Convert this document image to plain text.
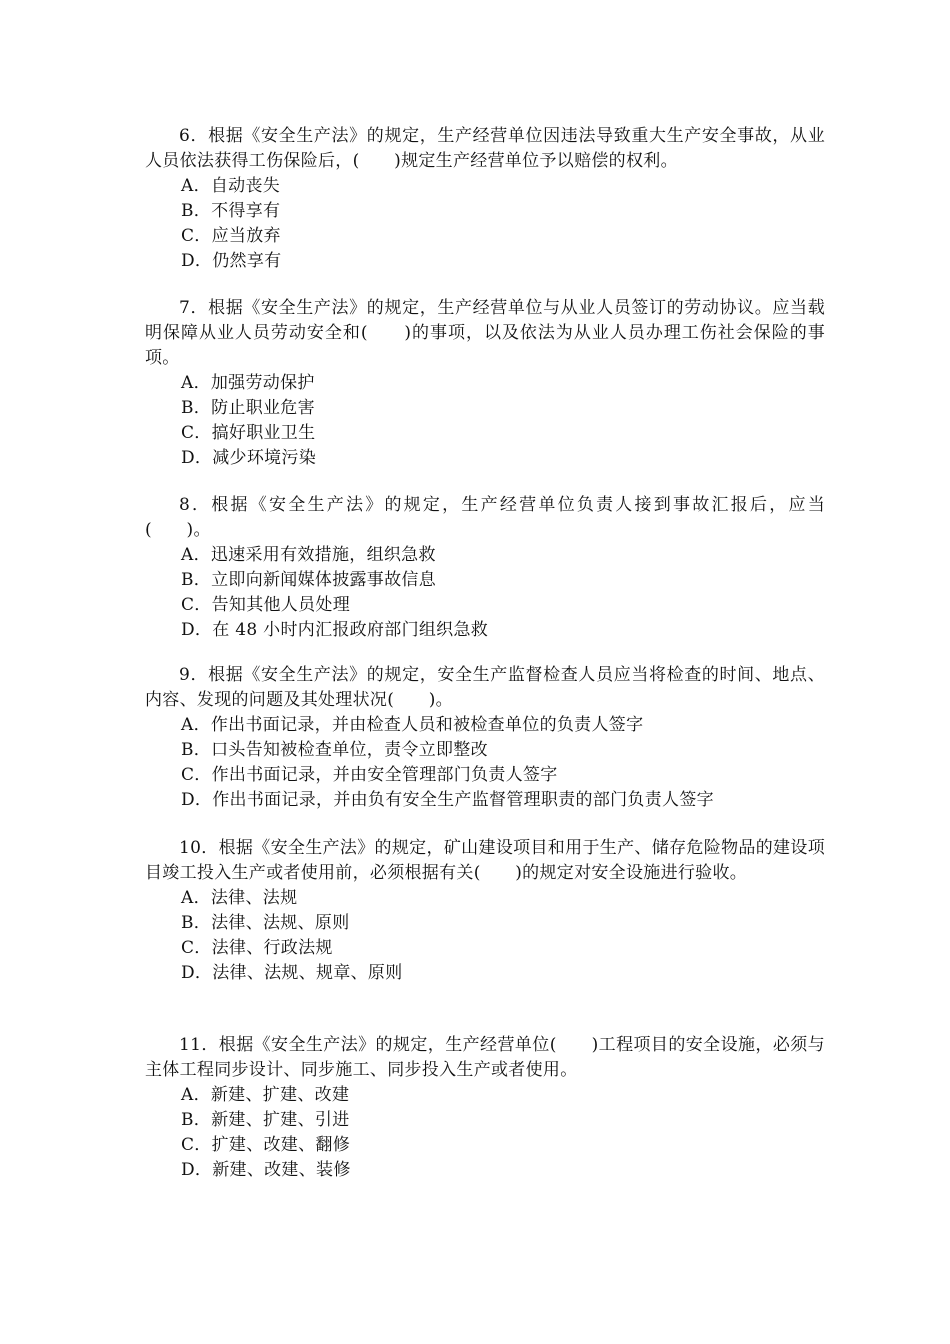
6．根据《安全生产法》的规定，生产经营单位因违法导致重大生产安全事故，从业人员依法获得工伤保险后，(　　)规定生产经营单位予以赔偿的权利。

A．自动丧失
B．不得享有
C．应当放弃
D．仍然享有

7．根据《安全生产法》的规定，生产经营单位与从业人员签订的劳动协议。应当载明保障从业人员劳动安全和(　　)的事项，以及依法为从业人员办理工伤社会保险的事项。

A．加强劳动保护
B．防止职业危害
C．搞好职业卫生
D．减少环境污染

8．根据《安全生产法》的规定，生产经营单位负责人接到事故汇报后，应当(　　)。

A．迅速采用有效措施，组织急救
B．立即向新闻媒体披露事故信息
C．告知其他人员处理
D．在 48 小时内汇报政府部门组织急救

9．根据《安全生产法》的规定，安全生产监督检查人员应当将检查的时间、地点、内容、发现的问题及其处理状况(　　)。

A．作出书面记录，并由检查人员和被检查单位的负责人签字
B．口头告知被检查单位，责令立即整改
C．作出书面记录，并由安全管理部门负责人签字
D．作出书面记录，并由负有安全生产监督管理职责的部门负责人签字

10．根据《安全生产法》的规定，矿山建设项目和用于生产、储存危险物品的建设项目竣工投入生产或者使用前，必须根据有关(　　)的规定对安全设施进行验收。

A．法律、法规
B．法律、法规、原则
C．法律、行政法规
D．法律、法规、规章、原则

11．根据《安全生产法》的规定，生产经营单位(　　)工程项目的安全设施，必须与主体工程同步设计、同步施工、同步投入生产或者使用。

A．新建、扩建、改建
B．新建、扩建、引进
C．扩建、改建、翻修
D．新建、改建、装修
